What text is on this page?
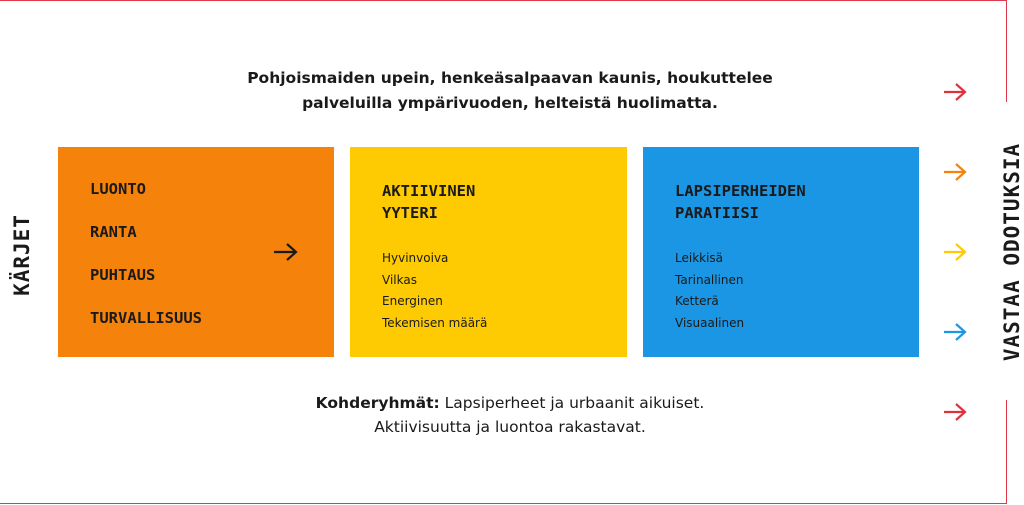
Pohjoismaiden upein, henkeäsalpaavan kaunis, houkuttelee
palveluilla ympärivuoden, helteistä huolimatta.
KÄRJET	VASTAA ODOTUKSIA
LUONTO
RANTA
PUHTAUS
TURVALLISUUS
AKTIIVINEN
YYTERI
Hyvinvoiva
Vilkas
Energinen
Tekemisen määrä
LAPSIPERHEIDEN
PARATIISI
Leikkisä
Tarinallinen
Ketterä
Visuaalinen
Kohderyhmät: Lapsiperheet ja urbaanit aikuiset.
Aktiivisuutta ja luontoa rakastavat.
